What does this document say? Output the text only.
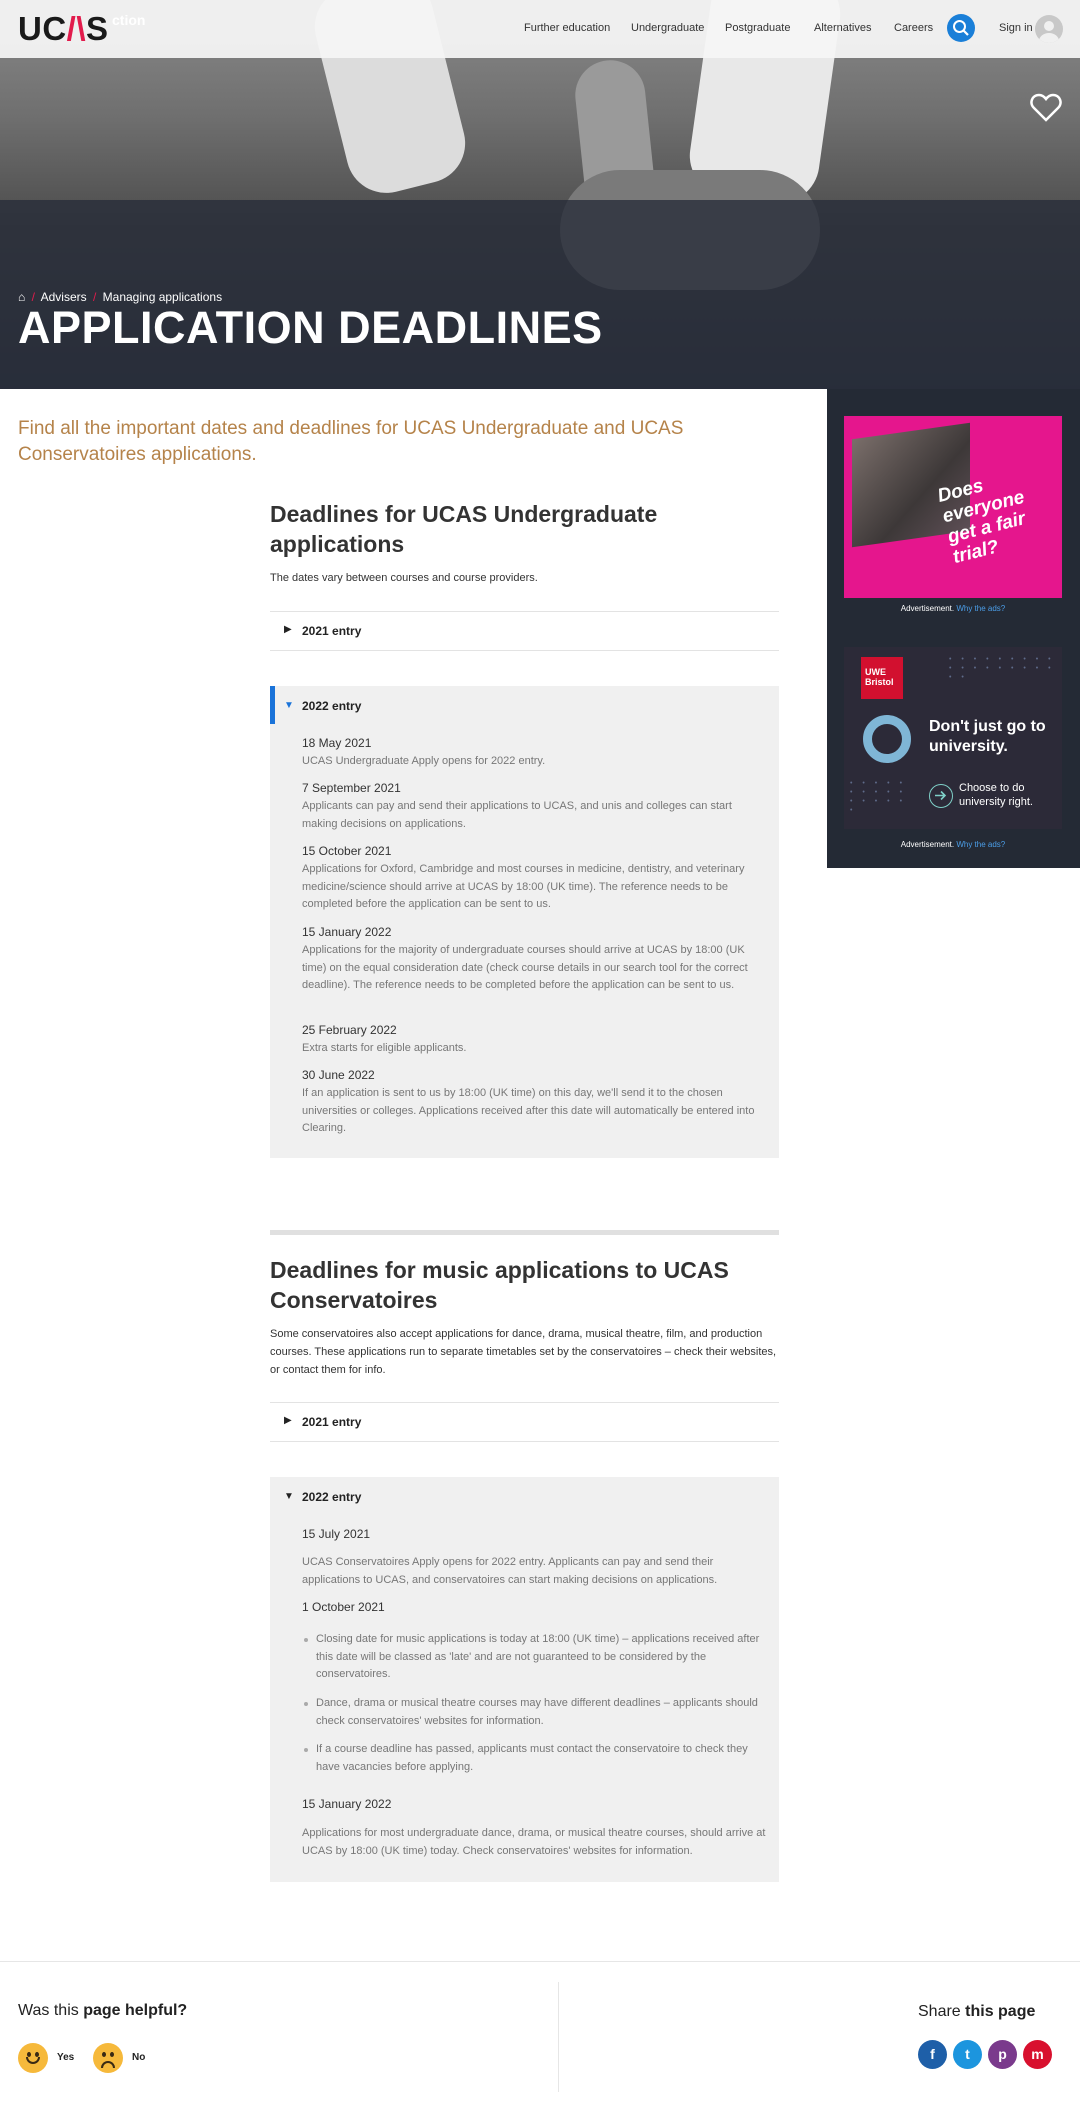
⌂ / Advisers / Managing applications
APPLICATION DEADLINES
UC/\S ction	Further education Undergraduate Postgraduate Alternatives Careers	Sign in
Find all the important dates and deadlines for UCAS Undergraduate and UCAS Conservatoires applications.
Does everyone get a fair trial?
Advertisement. Why the ads?
UWE Bristol
• • • • • • • • • • • • • • • • • • • •
• • • • • • • • • • • • • • • •
Don't just go to university.
Choose to do university right.
Advertisement. Why the ads?
Deadlines for UCAS Undergraduate applications
The dates vary between courses and course providers.
▶ 2021 entry
▼ 2022 entry
18 May 2021
UCAS Undergraduate Apply opens for 2022 entry.
7 September 2021
Applicants can pay and send their applications to UCAS, and unis and colleges can start making decisions on applications.
15 October 2021
Applications for Oxford, Cambridge and most courses in medicine, dentistry, and veterinary medicine/science should arrive at UCAS by 18:00 (UK time). The reference needs to be completed before the application can be sent to us.
15 January 2022
Applications for the majority of undergraduate courses should arrive at UCAS by 18:00 (UK time) on the equal consideration date (check course details in our search tool for the correct deadline). The reference needs to be completed before the application can be sent to us.
25 February 2022
Extra starts for eligible applicants.
30 June 2022
If an application is sent to us by 18:00 (UK time) on this day, we'll send it to the chosen universities or colleges. Applications received after this date will automatically be entered into Clearing.
Deadlines for music applications to UCAS Conservatoires
Some conservatoires also accept applications for dance, drama, musical theatre, film, and production courses. These applications run to separate timetables set by the conservatoires – check their websites, or contact them for info.
▶ 2021 entry
▼ 2022 entry
15 July 2021
UCAS Conservatoires Apply opens for 2022 entry. Applicants can pay and send their applications to UCAS, and conservatoires can start making decisions on applications.
1 October 2021
Closing date for music applications is today at 18:00 (UK time) – applications received after this date will be classed as 'late' and are not guaranteed to be considered by the conservatoires.
Dance, drama or musical theatre courses may have different deadlines – applicants should check conservatoires' websites for information.
If a course deadline has passed, applicants must contact the conservatoire to check they have vacancies before applying.
15 January 2022
Applications for most undergraduate dance, drama, or musical theatre courses, should arrive at UCAS by 18:00 (UK time) today. Check conservatoires' websites for information.
Was this page helpful?
Yes	No
Share this page
f	t	p	m
